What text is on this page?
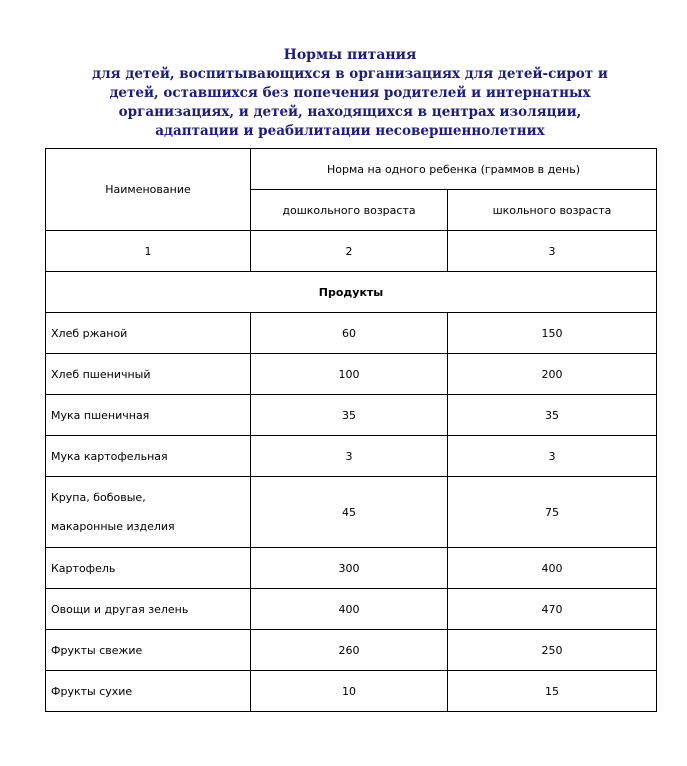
Нормы питания
для детей, воспитывающихся в организациях для детей-сирот и
детей, оставшихся без попечения родителей и интернатных
организациях, и детей, находящихся в центрах изоляции,
адаптации и реабилитации несовершеннолетних
Наименование	Норма на одного ребенка (граммов в день)	
	дошкольного возраста	школьного возраста
1	2	3
Продукты		
Хлеб ржаной	60	150
Хлеб пшеничный	100	200
Мука пшеничная	35	35
Мука картофельная	3	3

Крупа, бобовые,
макаронные изделия	45	75
Картофель	300	400
Овощи и другая зелень	400	470
Фрукты свежие	260	250
Фрукты сухие	10	15
